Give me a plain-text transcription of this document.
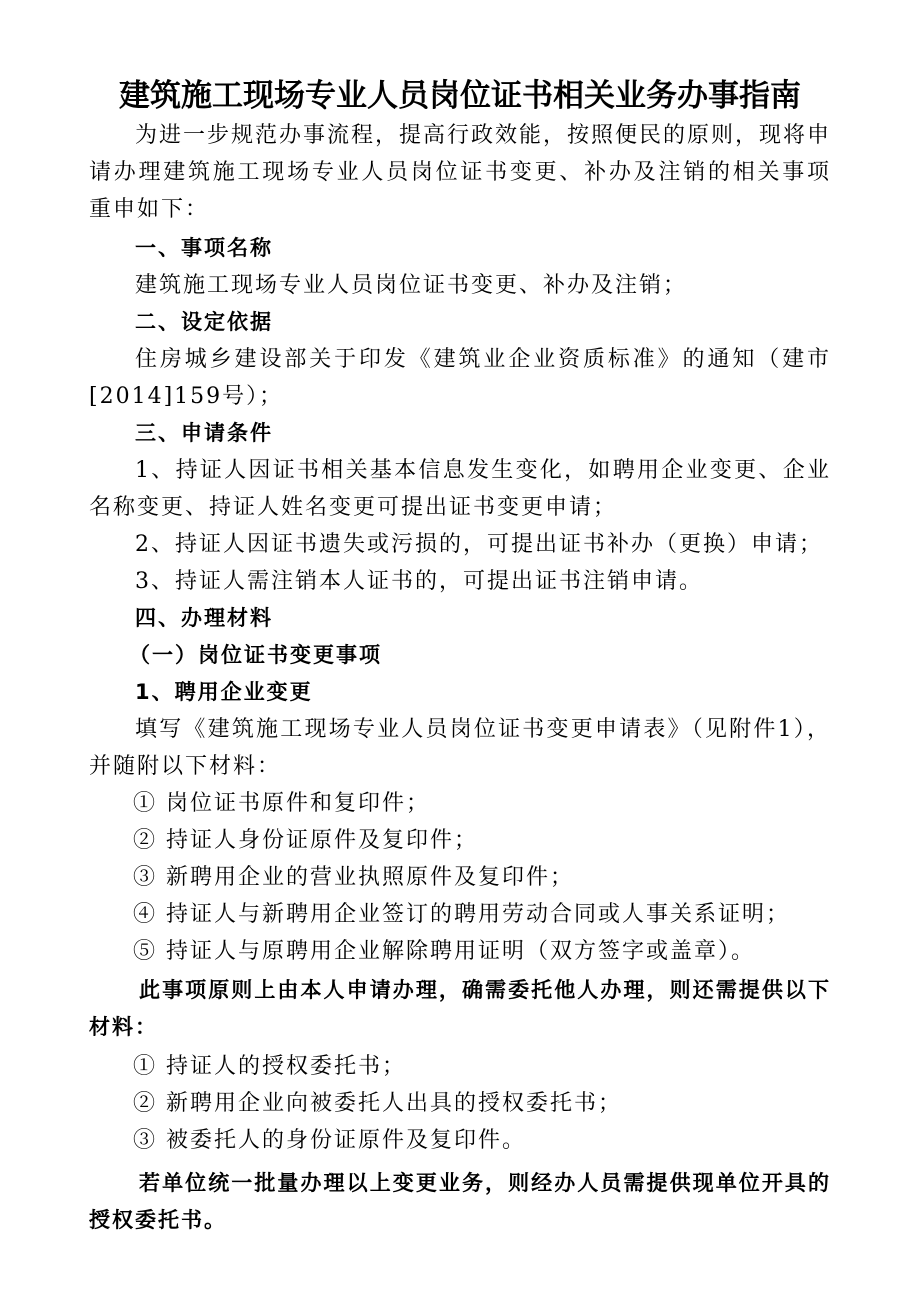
建筑施工现场专业人员岗位证书相关业务办事指南

为进一步规范办事流程，提高行政效能，按照便民的原则，现将申请办理建筑施工现场专业人员岗位证书变更、补办及注销的相关事项重申如下：

一、事项名称

建筑施工现场专业人员岗位证书变更、补办及注销；

二、设定依据

住房城乡建设部关于印发《建筑业企业资质标准》的通知（建市[2014]159号）；

三、申请条件

1、持证人因证书相关基本信息发生变化，如聘用企业变更、企业名称变更、持证人姓名变更可提出证书变更申请；

2、持证人因证书遗失或污损的，可提出证书补办（更换）申请；

3、持证人需注销本人证书的，可提出证书注销申请。

四、办理材料

（一）岗位证书变更事项

1、聘用企业变更

填写《建筑施工现场专业人员岗位证书变更申请表》（见附件1），并随附以下材料：

① 岗位证书原件和复印件；

② 持证人身份证原件及复印件；

③ 新聘用企业的营业执照原件及复印件；

④ 持证人与新聘用企业签订的聘用劳动合同或人事关系证明；

⑤ 持证人与原聘用企业解除聘用证明（双方签字或盖章）。

此事项原则上由本人申请办理，确需委托他人办理，则还需提供以下材料：

① 持证人的授权委托书；

② 新聘用企业向被委托人出具的授权委托书；

③ 被委托人的身份证原件及复印件。

若单位统一批量办理以上变更业务，则经办人员需提供现单位开具的授权委托书。
